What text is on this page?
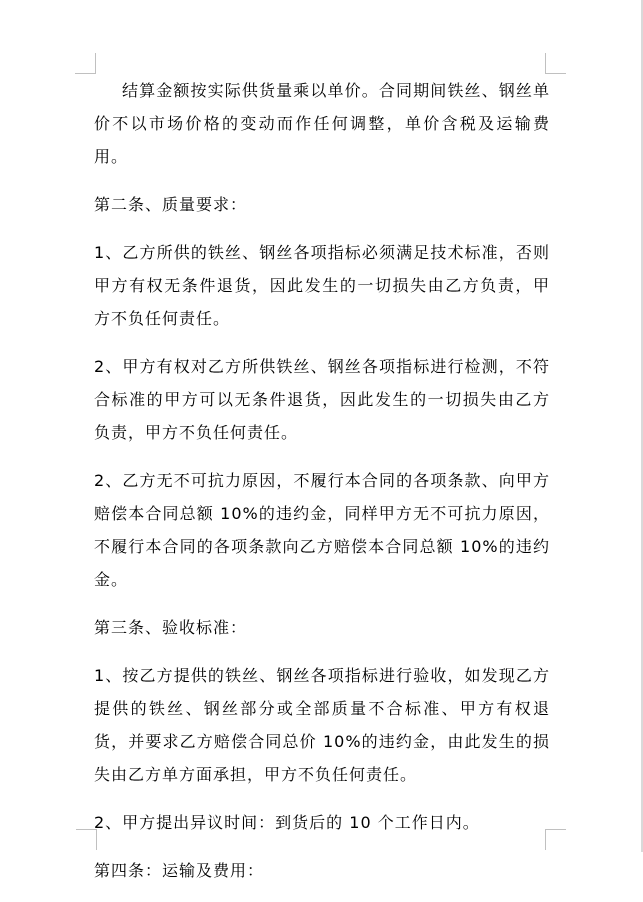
结算金额按实际供货量乘以单价。合同期间铁丝、钢丝单价不以市场价格的变动而作任何调整，单价含税及运输费用。

第二条、质量要求：

1、乙方所供的铁丝、钢丝各项指标必须满足技术标准，否则甲方有权无条件退货，因此发生的一切损失由乙方负责，甲方不负任何责任。

2、甲方有权对乙方所供铁丝、钢丝各项指标进行检测，不符合标准的甲方可以无条件退货，因此发生的一切损失由乙方负责，甲方不负任何责任。

2、乙方无不可抗力原因，不履行本合同的各项条款、向甲方赔偿本合同总额 10%的违约金，同样甲方无不可抗力原因，不履行本合同的各项条款向乙方赔偿本合同总额 10%的违约金。

第三条、验收标准：

1、按乙方提供的铁丝、钢丝各项指标进行验收，如发现乙方提供的铁丝、钢丝部分或全部质量不合标准、甲方有权退货，并要求乙方赔偿合同总价 10%的违约金，由此发生的损失由乙方单方面承担，甲方不负任何责任。

2、甲方提出异议时间：到货后的 10 个工作日内。

第四条：运输及费用：
